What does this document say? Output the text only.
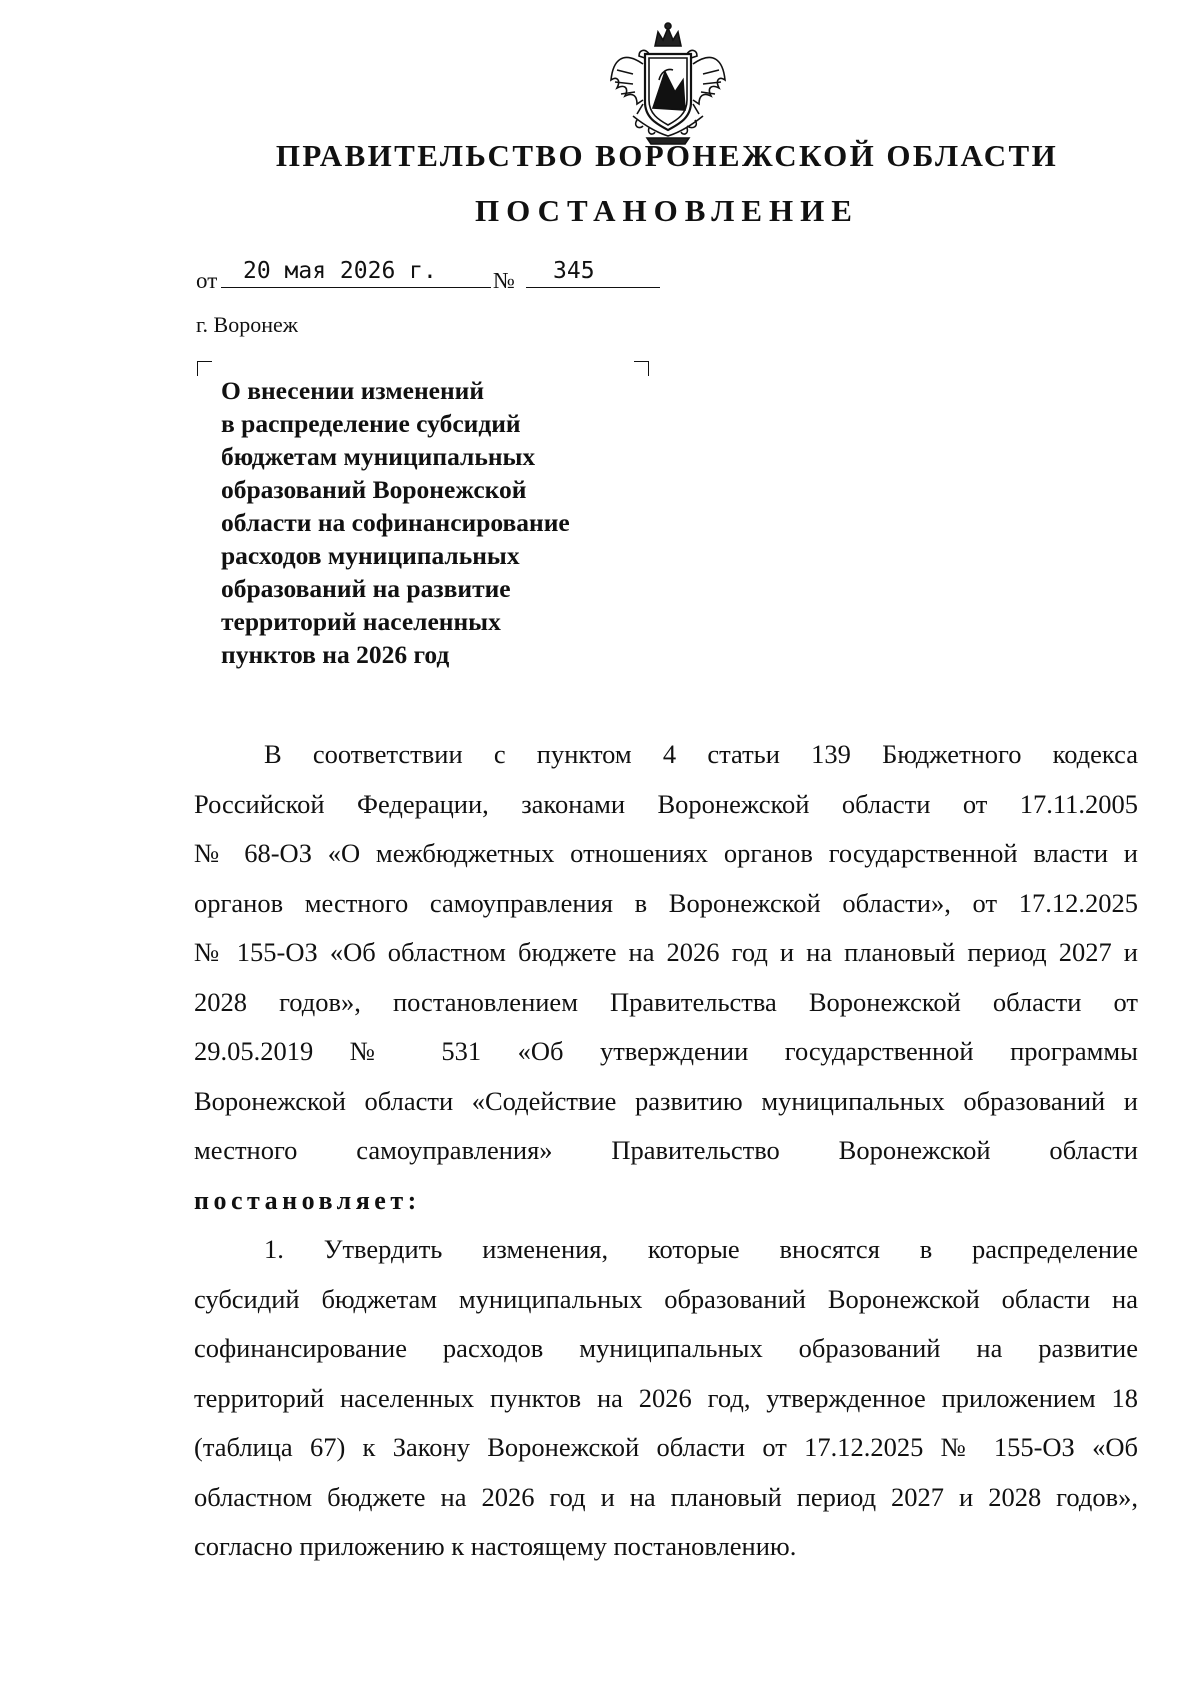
ПРАВИТЕЛЬСТВО ВОРОНЕЖСКОЙ ОБЛАСТИ
ПОСТАНОВЛЕНИЕ
от	20 мая 2026 г.	№	345
г. Воронеж

О внесении изменений
в распределение субсидий
бюджетам муниципальных
образований Воронежской
области на софинансирование
расходов муниципальных
образований на развитие
территорий населенных
пунктов на 2026 год

В соответствии с пунктом 4 статьи 139 Бюджетного кодекса
Российской Федерации, законами Воронежской области от 17.11.2005
№ 68-ОЗ «О межбюджетных отношениях органов государственной власти и
органов местного самоуправления в Воронежской области», от 17.12.2025
№ 155-ОЗ «Об областном бюджете на 2026 год и на плановый период 2027 и
2028 годов», постановлением Правительства Воронежской области от
29.05.2019 № 531 «Об утверждении государственной программы
Воронежской области «Содействие развитию муниципальных образований и
местного самоуправления» Правительство Воронежской области
постановляет:
1. Утвердить изменения, которые вносятся в распределение
субсидий бюджетам муниципальных образований Воронежской области на
софинансирование расходов муниципальных образований на развитие
территорий населенных пунктов на 2026 год, утвержденное приложением 18
(таблица 67) к Закону Воронежской области от 17.12.2025 № 155-ОЗ «Об
областном бюджете на 2026 год и на плановый период 2027 и 2028 годов»,
согласно приложению к настоящему постановлению.
